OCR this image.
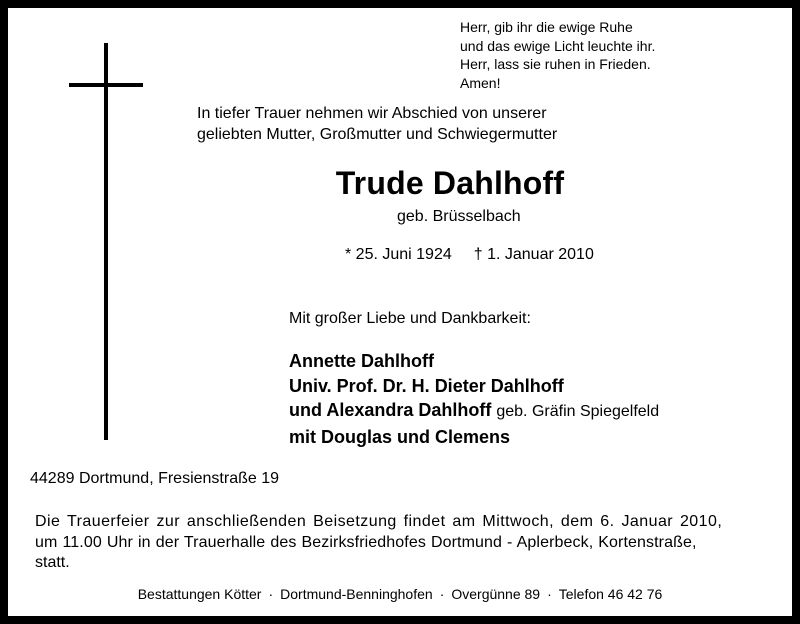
Herr, gib ihr die ewige Ruhe
und das ewige Licht leuchte ihr.
Herr, lass sie ruhen in Frieden.
Amen!
In tiefer Trauer nehmen wir Abschied von unserer
geliebten Mutter, Großmutter und Schwiegermutter
Trude Dahlhoff
geb. Brüsselbach
* 25. Juni 1924 † 1. Januar 2010
Mit großer Liebe und Dankbarkeit:
Annette Dahlhoff
Univ. Prof. Dr. H. Dieter Dahlhoff
und Alexandra Dahlhoff geb. Gräfin Spiegelfeld
mit Douglas und Clemens
44289 Dortmund, Fresienstraße 19
Die Trauerfeier zur anschließenden Beisetzung findet am Mittwoch, dem 6. Januar 2010,
um 11.00 Uhr in der Trauerhalle des Bezirksfriedhofes Dortmund - Aplerbeck, Kortenstraße,
statt.
Bestattungen Kötter · Dortmund-Benninghofen · Overgünne 89 · Telefon 46 42 76
